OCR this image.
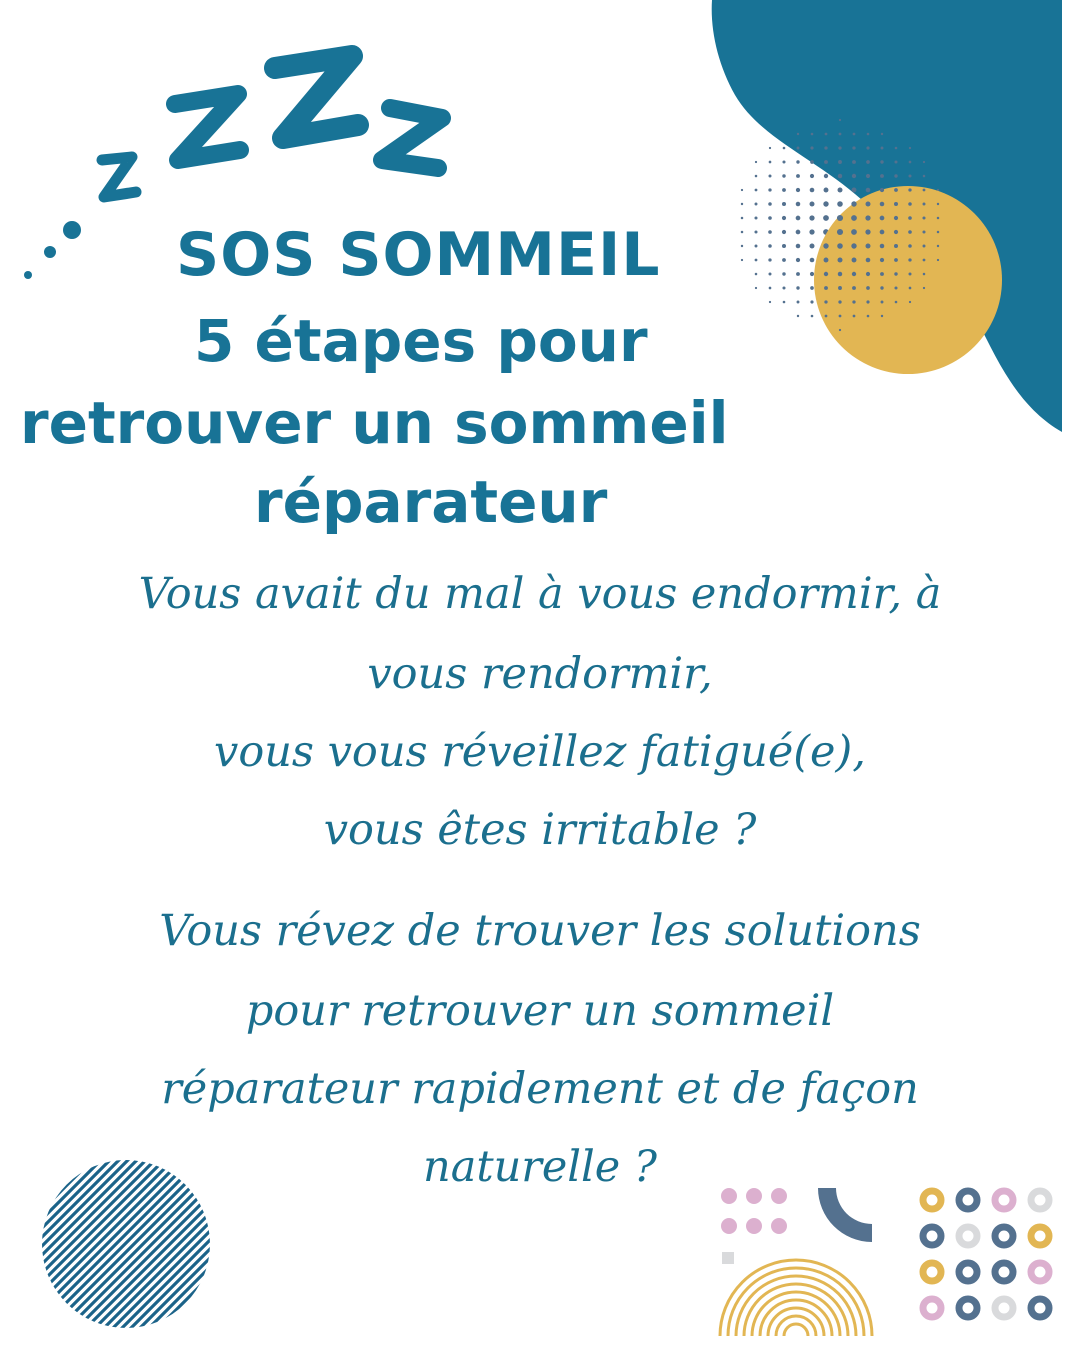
SOS SOMMEIL
5 étapes pour
retrouver un sommeil
réparateur
Vous avait du mal à vous endormir, à
vous rendormir,
vous vous réveillez fatigué(e),
vous êtes irritable ?
Vous révez de trouver les solutions
pour retrouver un sommeil
réparateur rapidement et de façon
naturelle ?
